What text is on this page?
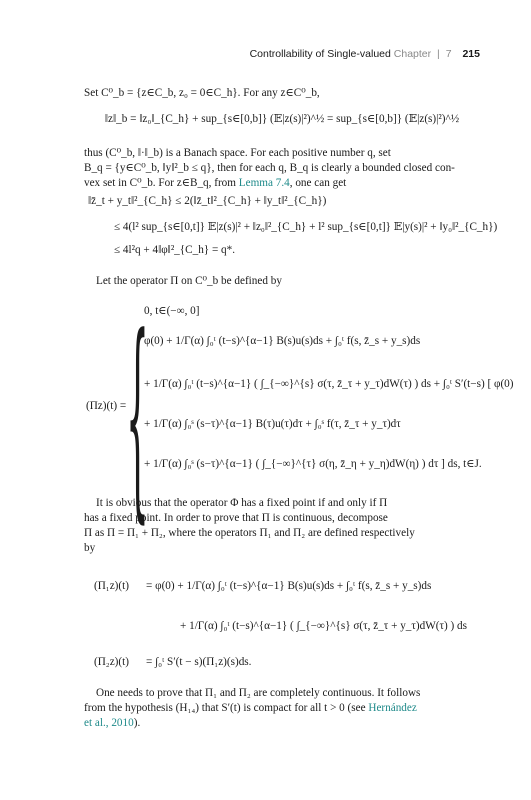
Controllability of Single-valued Chapter | 7 215
Set C⁰_b = {z∈C_b, z₀ = 0∈C_h}. For any z∈C⁰_b,
‖z‖_b = ‖z₀‖_{C_h} + sup_{s∈[0,b]} (𝔼|z(s)|²)^½ = sup_{s∈[0,b]} (𝔼|z(s)|²)^½
thus (C⁰_b, ‖·‖_b) is a Banach space. For each positive number q, set
B_q = {y∈C⁰_b, ‖y‖²_b ≤ q}, then for each q, B_q is clearly a bounded closed con-
vex set in C⁰_b. For z∈B_q, from Lemma 7.4, one can get
‖z̄_t + y_t‖²_{C_h} ≤ 2(‖z̄_t‖²_{C_h} + ‖y_t‖²_{C_h})
≤ 4(l² sup_{s∈[0,t]} 𝔼|z(s)|² + ‖z₀‖²_{C_h} + l² sup_{s∈[0,t]} 𝔼|y(s)|² + ‖y₀‖²_{C_h})
≤ 4l²q + 4‖φ‖²_{C_h} = q*.
Let the operator Π on C⁰_b be defined by
(Πz)(t) = {
0, t∈(−∞, 0]
φ(0) + 1/Γ(α) ∫₀ᵗ (t−s)^{α−1} B(s)u(s)ds + ∫₀ᵗ f(s, z̄_s + y_s)ds
+ 1/Γ(α) ∫₀ᵗ (t−s)^{α−1} ( ∫_{−∞}^{s} σ(τ, z̄_τ + y_τ)dW(τ) ) ds + ∫₀ᵗ S′(t−s) [ φ(0)
+ 1/Γ(α) ∫₀ˢ (s−τ)^{α−1} B(τ)u(τ)dτ + ∫₀ˢ f(τ, z̄_τ + y_τ)dτ
+ 1/Γ(α) ∫₀ˢ (s−τ)^{α−1} ( ∫_{−∞}^{τ} σ(η, z̄_η + y_η)dW(η) ) dτ ] ds, t∈J.
It is obvious that the operator Φ has a fixed point if and only if Π
has a fixed point. In order to prove that Π is continuous, decompose
Π as Π = Π₁ + Π₂, where the operators Π₁ and Π₂ are defined respectively
by
(Π₁z)(t) = φ(0) + 1/Γ(α) ∫₀ᵗ (t−s)^{α−1} B(s)u(s)ds + ∫₀ᵗ f(s, z̄_s + y_s)ds
+ 1/Γ(α) ∫₀ᵗ (t−s)^{α−1} ( ∫_{−∞}^{s} σ(τ, z̄_τ + y_τ)dW(τ) ) ds
(Π₂z)(t) = ∫₀ᵗ S′(t − s)(Π₁z)(s)ds.
One needs to prove that Π₁ and Π₂ are completely continuous. It follows
from the hypothesis (H₁₄) that S′(t) is compact for all t > 0 (see Hernández
et al., 2010).
